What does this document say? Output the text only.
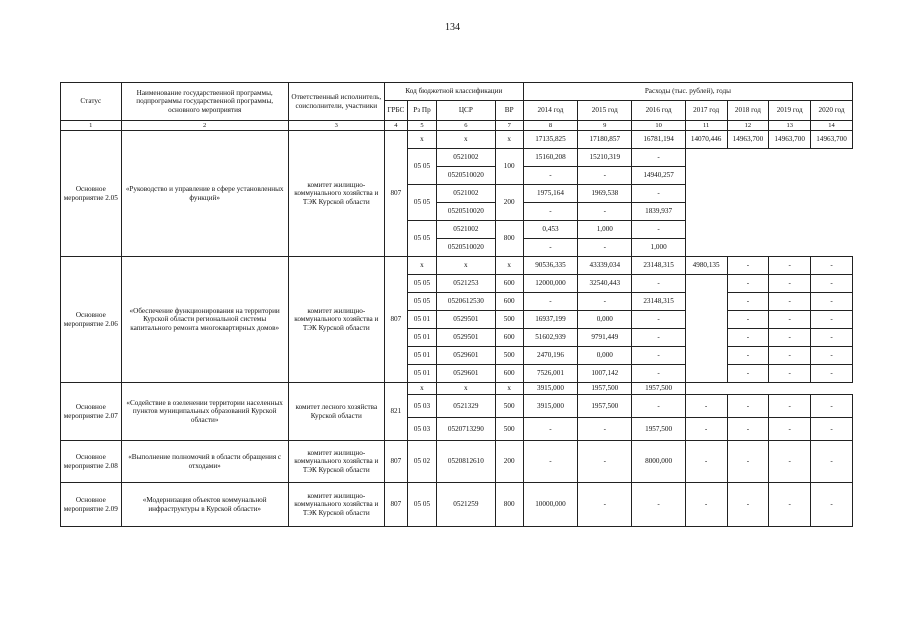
134
Статус	Наименование государственной программы, подпрограммы государственной программы, основного мероприятия	Ответственный исполнитель, соисполнители, участники	Код бюджетной классификации				Расходы (тыс. рублей), годы						
			ГРБС	Рз Пр	ЦСР	ВР	2014 год	2015 год	2016 год	2017 год	2018 год	2019 год	2020 год
1	2	3	4	5	6	7	8	9	10	11	12	13	14
Основное мероприятие 2.05	«Руководство и управление в сфере установленных функций»	комитет жилищно-коммунального хозяйства и ТЭК Курской области	807	х	х	х	17135,825	17180,857	16781,194	14070,446	14963,700	14963,700	14963,700
				05 05	0521002	100	15160,208	15210,319	-				
					0520510020		-	-	14940,257				
				05 05	0521002	200	1975,164	1969,538	-				
					0520510020		-	-	1839,937				
				05 05	0521002	800	0,453	1,000	-				
					0520510020		-	-	1,000				
Основное мероприятие 2.06	«Обеспечение функционирования на территории Курской области региональной системы капитального ремонта многоквартирных домов»	комитет жилищно-коммунального хозяйства и ТЭК Курской области	807	х	х	х	90536,335	43339,034	23148,315	4980,135	-	-	-
				05 05	0521253	600	12000,000	32540,443	-		-	-	-
				05 05	0520612530	600	-	-	23148,315		-	-	-
				05 01	0529501	500	16937,199	0,000	-		-	-	-
				05 01	0529501	600	51602,939	9791,449	-		-	-	-
				05 01	0529601	500	2470,196	0,000	-		-	-	-
				05 01	0529601	600	7526,001	1007,142	-		-	-	-
Основное мероприятие 2.07	«Содействие в озеленении территории населенных пунктов муниципальных образований Курской области»	комитет лесного хозяйства Курской области	821	х	х	х	3915,000	1957,500	1957,500				
				05 03	0521329	500	3915,000	1957,500	-	-	-	-	-
				05 03	0520713290	500	-	-	1957,500	-	-	-	-
Основное мероприятие 2.08	«Выполнение полномочий в области обращения с отходами»	комитет жилищно-коммунального хозяйства и ТЭК Курской области	807	05 02	0520812610	200	-	-	8000,000	-	-	-	-
Основное мероприятие 2.09	«Модернизация объектов коммунальной инфраструктуры в Курской области»	комитет жилищно-коммунального хозяйства и ТЭК Курской области	807	05 05	0521259	800	10000,000	-	-	-	-	-	-
